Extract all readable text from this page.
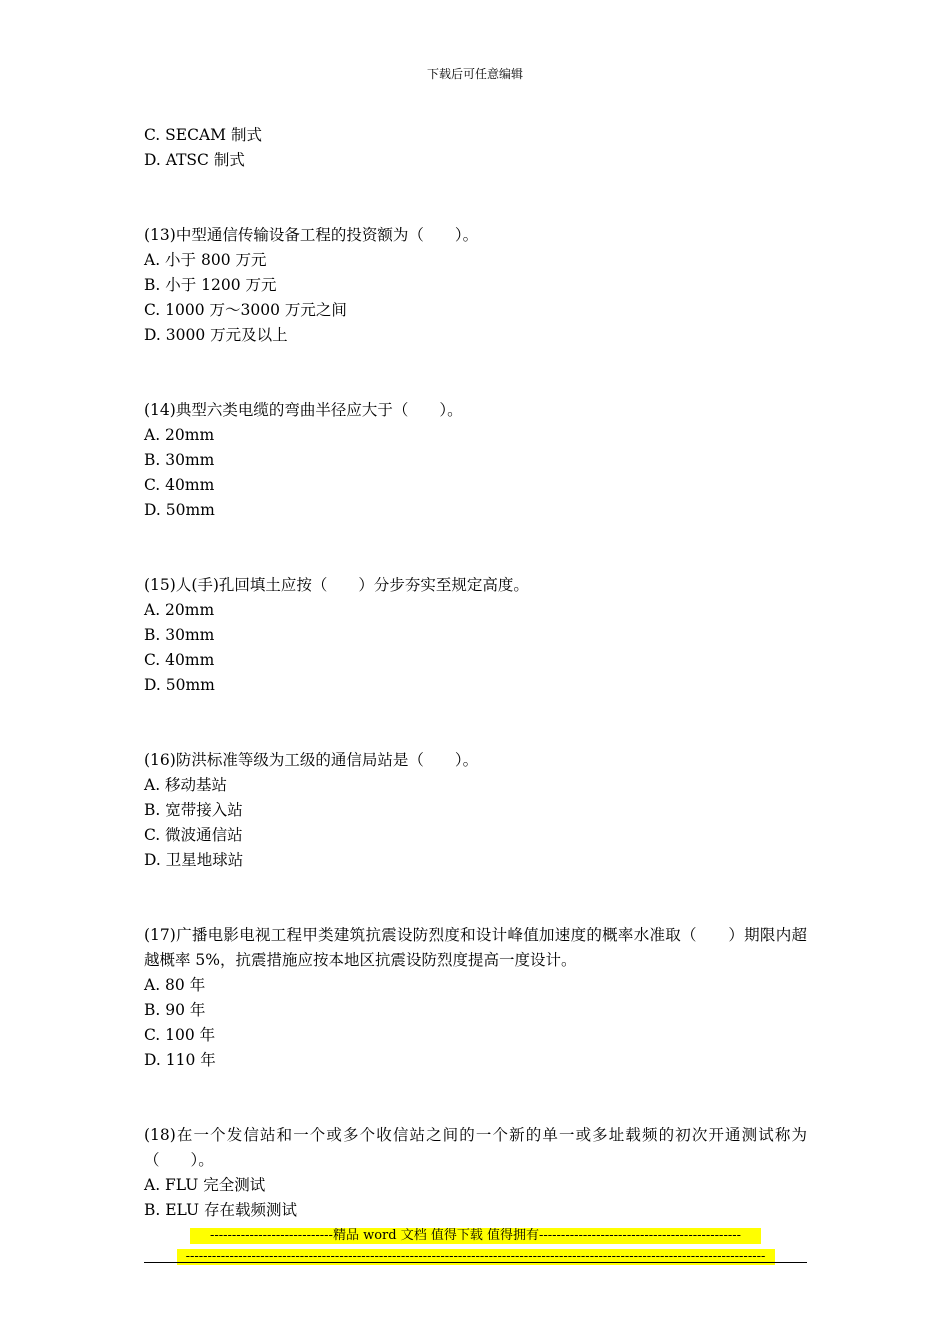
下载后可任意编辑
C. SECAM 制式
D. ATSC 制式
(13)中型通信传输设备工程的投资额为（　　）。
A. 小于 800 万元
B. 小于 1200 万元
C. 1000 万～3000 万元之间
D. 3000 万元及以上
(14)典型六类电缆的弯曲半径应大于（　　）。
A. 20mm
B. 30mm
C. 40mm
D. 50mm
(15)人(手)孔回填土应按（　　）分步夯实至规定高度。
A. 20mm
B. 30mm
C. 40mm
D. 50mm
(16)防洪标准等级为工级的通信局站是（　　）。
A. 移动基站
B. 宽带接入站
C. 微波通信站
D. 卫星地球站
(17)广播电影电视工程甲类建筑抗震设防烈度和设计峰值加速度的概率水准取（　　）期限内超越概率 5%，抗震措施应按本地区抗震设防烈度提高一度设计。
A. 80 年
B. 90 年
C. 100 年
D. 110 年
(18)在一个发信站和一个或多个收信站之间的一个新的单一或多址载频的初次开通测试称为（　　）。
A. FLU 完全测试
B. ELU 存在载频测试
----------------------------精品 word 文档 值得下载 值得拥有----------------------------------------------
------------------------------------------------------------------------------------------------------------------------------------
